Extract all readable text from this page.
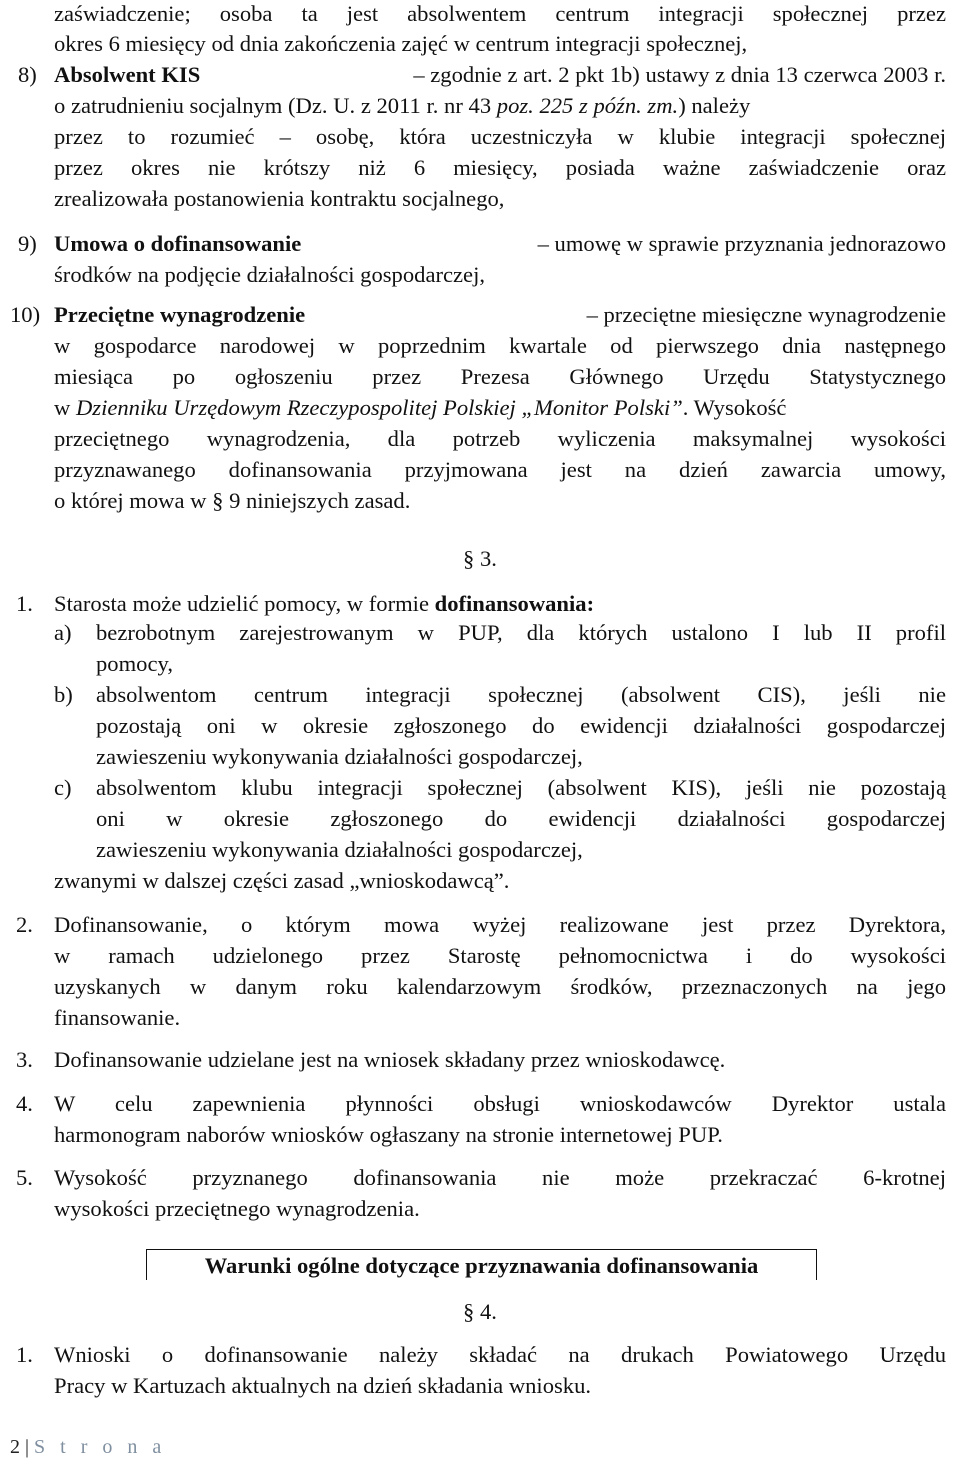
zaświadczenie; osoba ta jest absolwentem centrum integracji społecznej przez
okres 6 miesięcy od dnia zakończenia zajęć w centrum integracji społecznej,
8) Absolwent KIS	– zgodnie z art. 2 pkt 1b) ustawy z dnia 13 czerwca 2003 r.
o zatrudnieniu socjalnym (Dz. U. z 2011 r. nr 43 poz. 225 z późn. zm.) należy
przez to rozumieć – osobę, która uczestniczyła w klubie integracji społecznej
przez okres nie krótszy niż 6 miesięcy, posiada ważne zaświadczenie oraz
zrealizowała postanowienia kontraktu socjalnego,
9) Umowa o dofinansowanie	– umowę w sprawie przyznania jednorazowo
środków na podjęcie działalności gospodarczej,
10) Przeciętne wynagrodzenie	– przeciętne miesięczne wynagrodzenie
w gospodarce narodowej w poprzednim kwartale od pierwszego dnia następnego
miesiąca po ogłoszeniu przez Prezesa Głównego Urzędu Statystycznego
w Dzienniku Urzędowym Rzeczypospolitej Polskiej „Monitor Polski”. Wysokość
przeciętnego wynagrodzenia, dla potrzeb wyliczenia maksymalnej wysokości
przyznawanego dofinansowania przyjmowana jest na dzień zawarcia umowy,
o której mowa w § 9 niniejszych zasad.
§ 3.
1. Starosta może udzielić pomocy, w formie dofinansowania:
a) bezrobotnym zarejestrowanym w PUP, dla których ustalono I lub II profil
pomocy,
b) absolwentom centrum integracji społecznej (absolwent CIS), jeśli nie
pozostają oni w okresie zgłoszonego do ewidencji działalności gospodarczej
zawieszeniu wykonywania działalności gospodarczej,
c) absolwentom klubu integracji społecznej (absolwent KIS), jeśli nie pozostają
oni w okresie zgłoszonego do ewidencji działalności gospodarczej
zawieszeniu wykonywania działalności gospodarczej,
zwanymi w dalszej części zasad „wnioskodawcą”.
2. Dofinansowanie, o którym mowa wyżej realizowane jest przez Dyrektora,
w ramach udzielonego przez Starostę pełnomocnictwa i do wysokości
uzyskanych w danym roku kalendarzowym środków, przeznaczonych na jego
finansowanie.
3. Dofinansowanie udzielane jest na wniosek składany przez wnioskodawcę.
4. W celu zapewnienia płynności obsługi wnioskodawców Dyrektor ustala
harmonogram naborów wniosków ogłaszany na stronie internetowej PUP.
5. Wysokość przyznanego dofinansowania nie może przekraczać 6-krotnej
wysokości przeciętnego wynagrodzenia.
Warunki ogólne dotyczące przyznawania dofinansowania
§ 4.
1. Wnioski o dofinansowanie należy składać na drukach Powiatowego Urzędu
Pracy w Kartuzach aktualnych na dzień składania wniosku.
2 | S t r o n a
